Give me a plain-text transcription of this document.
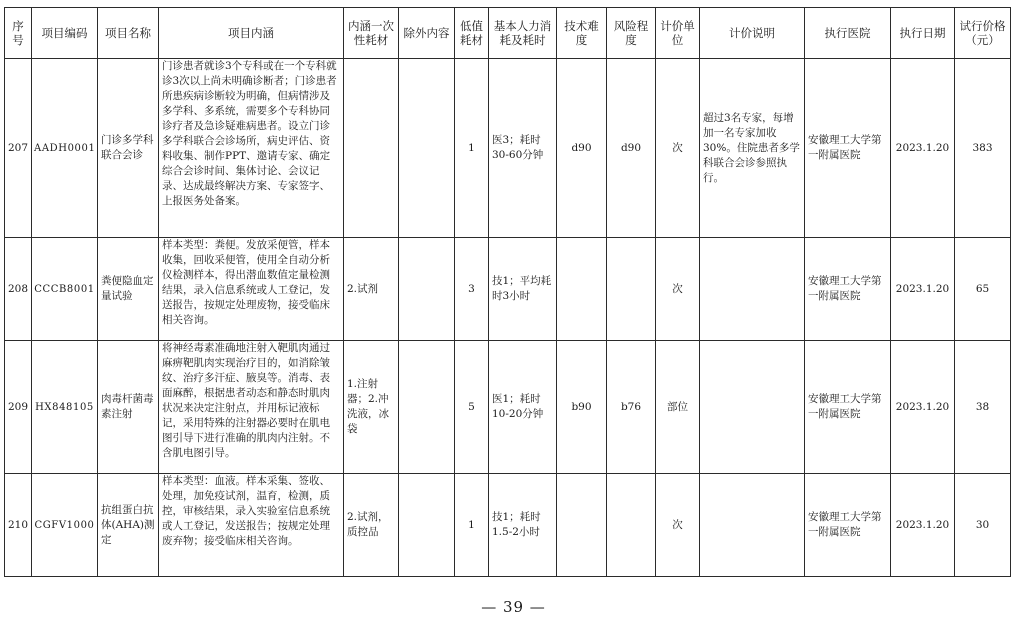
序号	项目编码	项目名称	项目内涵	内涵一次性耗材	除外内容	低值耗材	基本人力消耗及耗时	技术难度	风险程度	计价单位	计价说明	执行医院	执行日期	试行价格（元）
207	AADH0001	门诊多学科联合会诊	门诊患者就诊3个专科或在一个专科就诊3次以上尚未明确诊断者；门诊患者所患疾病诊断较为明确，但病情涉及多学科、多系统，需要多个专科协同诊疗者及急诊疑难病患者。设立门诊多学科联合会诊场所，病史评估、资料收集、制作PPT、邀请专家、确定综合会诊时间、集体讨论、会议记录、达成最终解决方案、专家签字、上报医务处备案。			1	医3；耗时30-60分钟	d90	d90	次	超过3名专家，每增加一名专家加收30%。住院患者多学科联合会诊参照执行。	安徽理工大学第一附属医院	2023.1.20	383
208	CCCB8001	粪便隐血定量试验	样本类型：粪便。发放采便管，样本收集，回收采便管，使用全自动分析仪检测样本，得出潜血数值定量检测结果，录入信息系统或人工登记，发送报告，按规定处理废物，接受临床相关咨询。	2.试剂		3	技1；平均耗时3小时			次		安徽理工大学第一附属医院	2023.1.20	65
209	HX848105	肉毒杆菌毒素注射	将神经毒素准确地注射入靶肌肉通过麻痹靶肌肉实现治疗目的，如消除皱纹、治疗多汗症、腋臭等。消毒、表面麻醉，根据患者动态和静态时肌肉状况来决定注射点，并用标记液标记，采用特殊的注射器必要时在肌电图引导下进行准确的肌肉内注射。不含肌电图引导。	1.注射器；2.冲洗液，冰袋		5	医1；耗时10-20分钟	b90	b76	部位		安徽理工大学第一附属医院	2023.1.20	38
210	CGFV1000	抗组蛋白抗体(AHA)测定	样本类型：血液。样本采集、签收、处理，加免疫试剂，温育，检测，质控，审核结果，录入实验室信息系统或人工登记，发送报告；按规定处理废弃物；接受临床相关咨询。	2.试剂，质控品		1	技1；耗时1.5-2小时			次		安徽理工大学第一附属医院	2023.1.20	30
— 39 —
